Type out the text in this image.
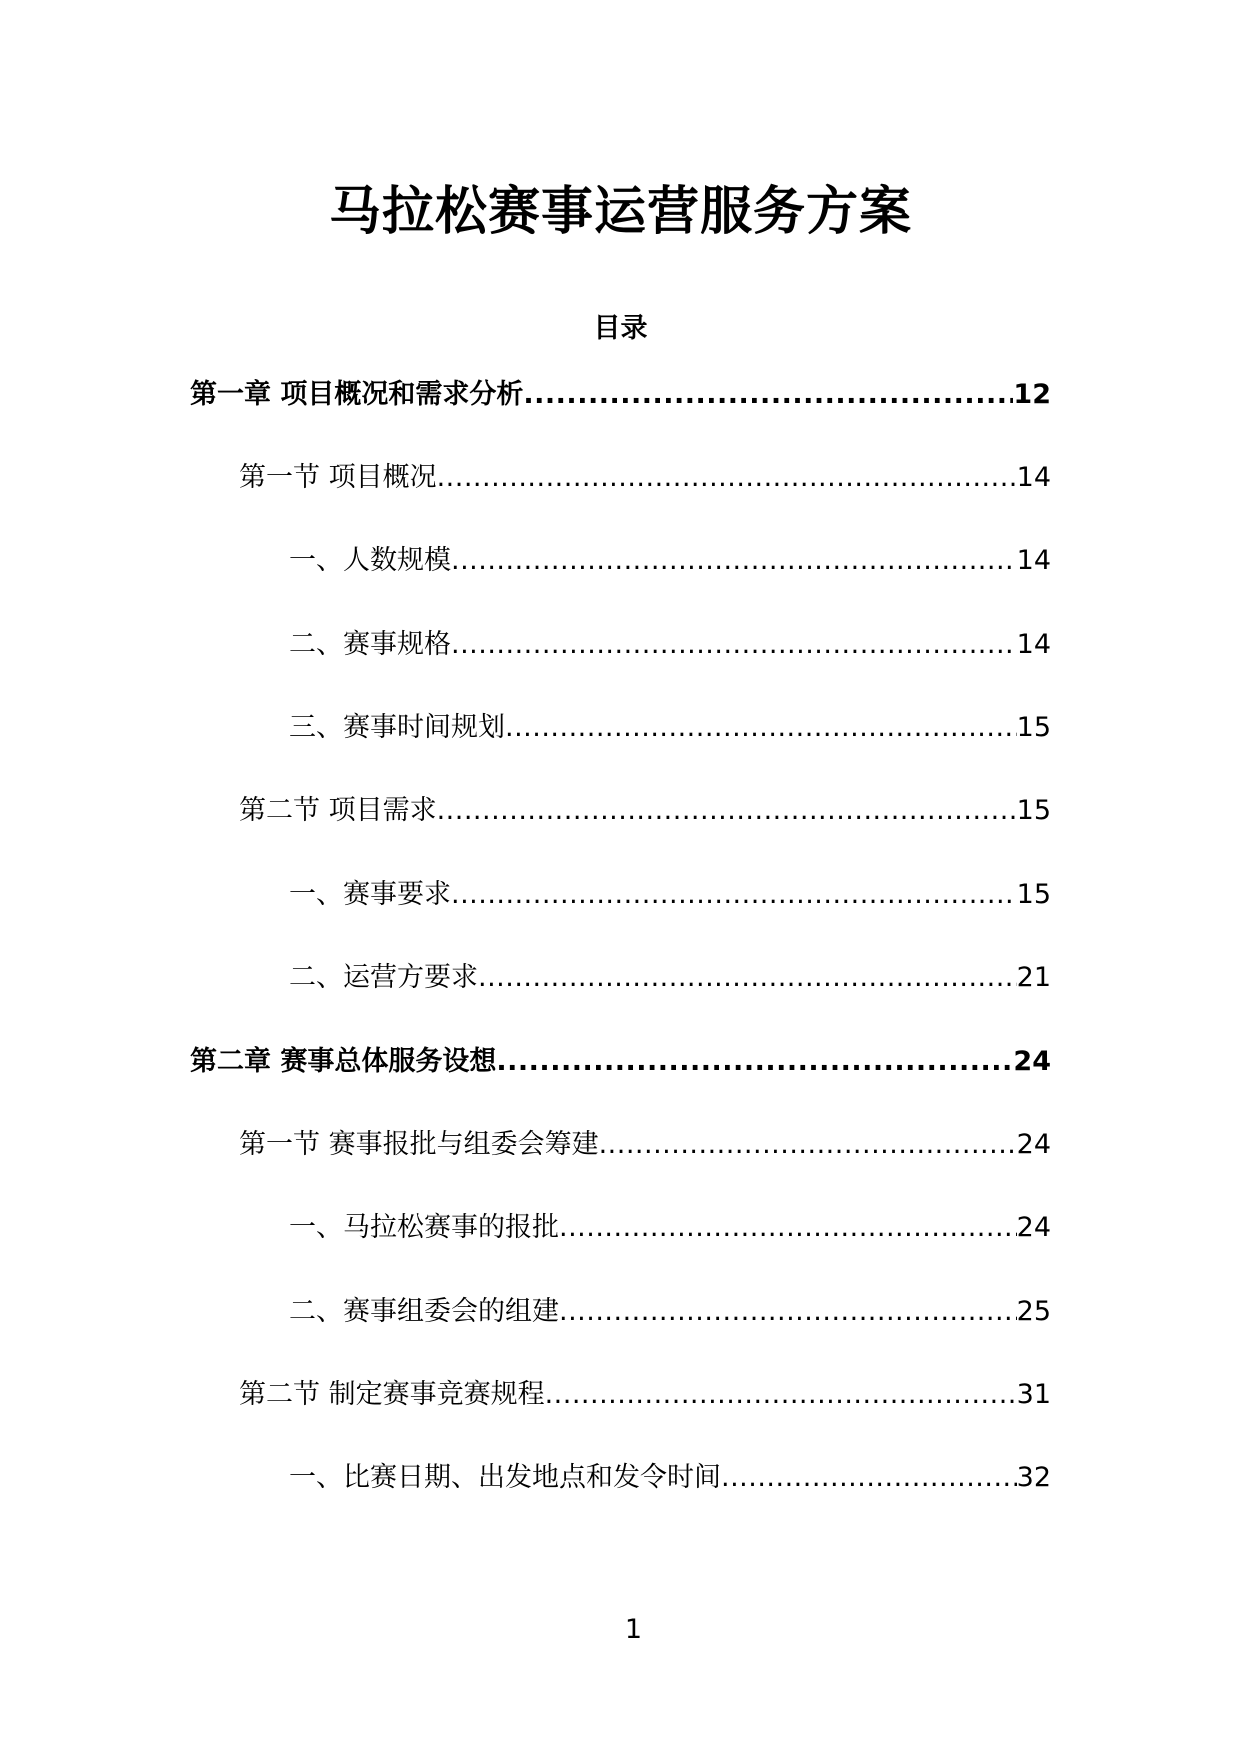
马拉松赛事运营服务方案
目录
第一章 项目概况和需求分析 .....	12
第一节 项目概况 .....	14
一、人数规模 .....	14
二、赛事规格 .....	14
三、赛事时间规划 .....	15
第二节 项目需求 .....	15
一、赛事要求 .....	15
二、运营方要求 .....	21
第二章 赛事总体服务设想 .....	24
第一节 赛事报批与组委会筹建 .....	24
一、马拉松赛事的报批 .....	24
二、赛事组委会的组建 .....	25
第二节 制定赛事竞赛规程 .....	31
一、比赛日期、出发地点和发令时间 .....	32
1
